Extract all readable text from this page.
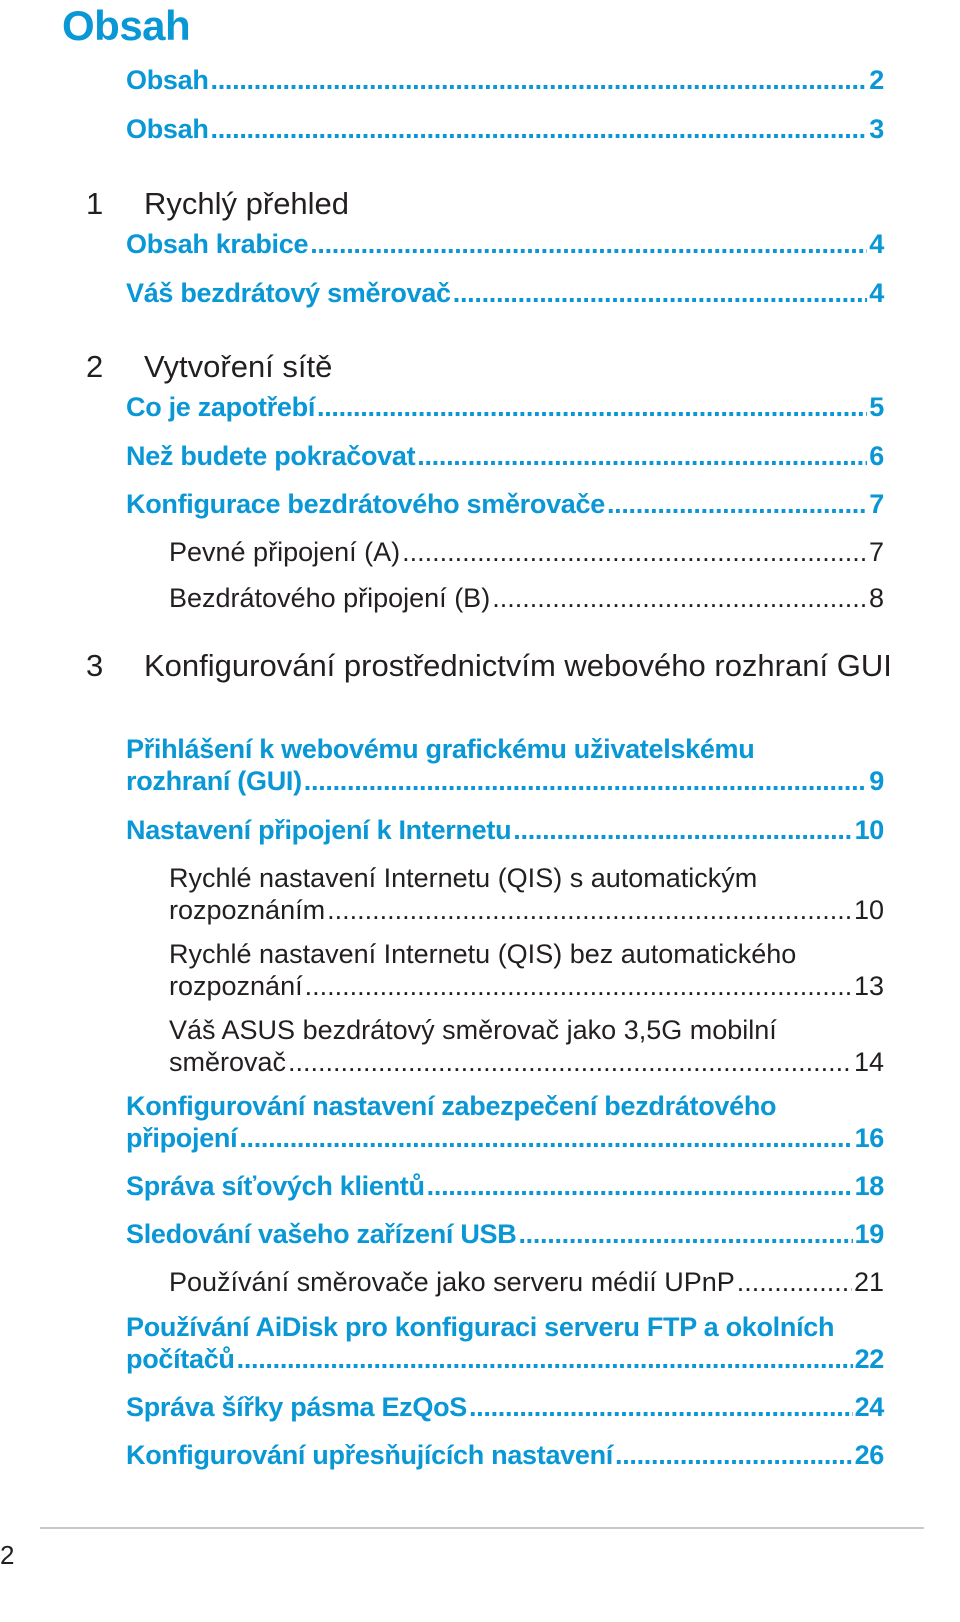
Obsah
Obsah .....	2
Obsah .....	3
1 Rychlý přehled
Obsah krabice .....	4
Váš bezdrátový směrovač .....	4
2 Vytvoření sítě
Co je zapotřebí .....	5
Než budete pokračovat .....	6
Konfigurace bezdrátového směrovače .....	7
Pevné připojení (A) .....	7
Bezdrátového připojení (B) .....	8
3 Konfigurování prostřednictvím webového rozhraní GUI
Přihlášení k webovému grafickému uživatelskému
rozhraní (GUI) .....	9
Nastavení připojení k Internetu .....	10
Rychlé nastavení Internetu (QIS) s automatickým
rozpoznáním .....	10
Rychlé nastavení Internetu (QIS) bez automatického
rozpoznání .....	13
Váš ASUS bezdrátový směrovač jako 3,5G mobilní
směrovač .....	14
Konfigurování nastavení zabezpečení bezdrátového
připojení .....	16
Správa síťových klientů .....	18
Sledování vašeho zařízení USB .....	19
Používání směrovače jako serveru médií UPnP .....	21
Používání AiDisk pro konfiguraci serveru FTP a okolních
počítačů .....	22
Správa šířky pásma EzQoS .....	24
Konfigurování upřesňujících nastavení .....	26
2
